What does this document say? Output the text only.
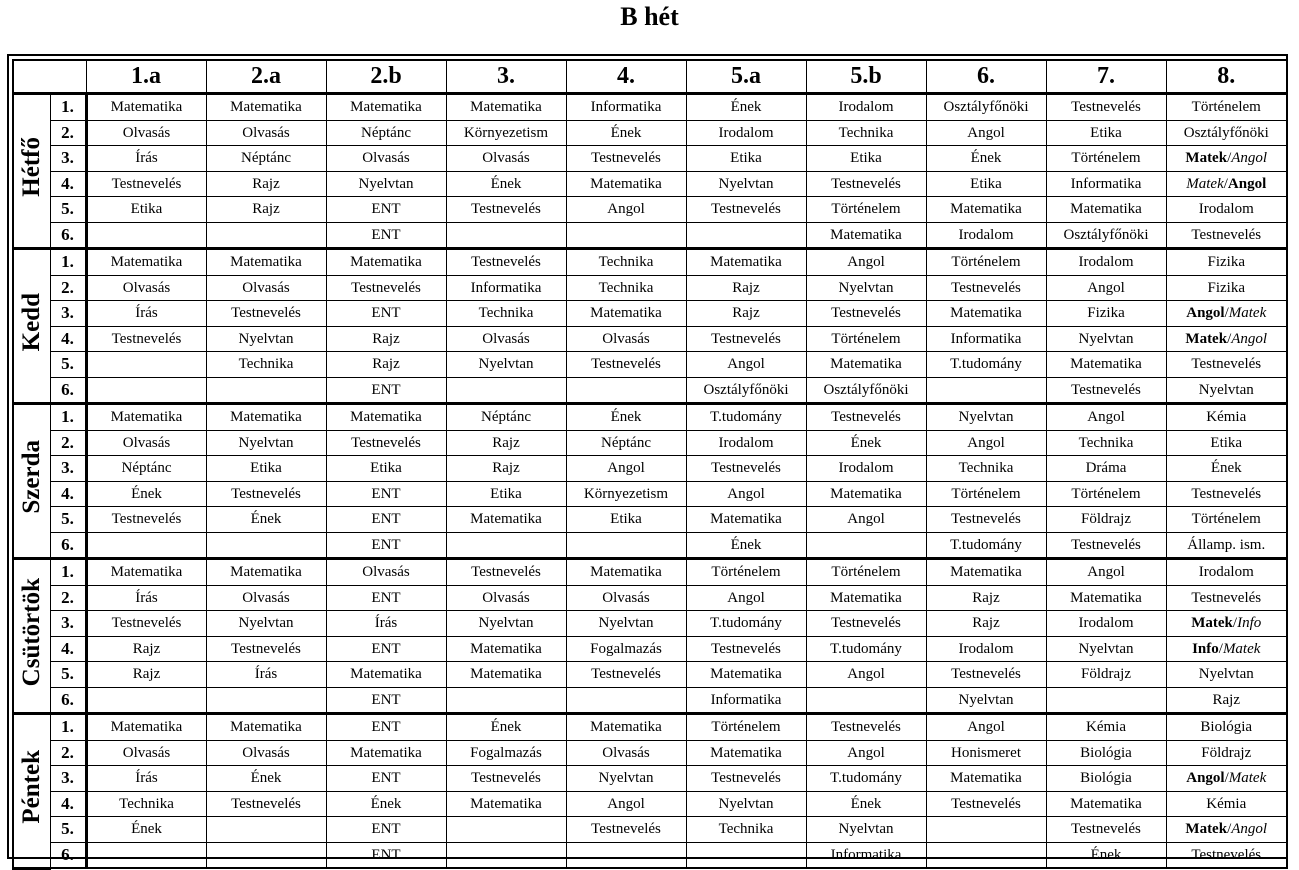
B hét
		1.a	2.a	2.b	3.	4.	5.a	5.b	6.	7.	8.
Hétfő	1.	Matematika	Matematika	Matematika	Matematika	Informatika	Ének	Irodalom	Osztályfőnöki	Testnevelés	Történelem
	2.	Olvasás	Olvasás	Néptánc	Környezetism	Ének	Irodalom	Technika	Angol	Etika	Osztályfőnöki
	3.	Írás	Néptánc	Olvasás	Olvasás	Testnevelés	Etika	Etika	Ének	Történelem	Matek/Angol
	4.	Testnevelés	Rajz	Nyelvtan	Ének	Matematika	Nyelvtan	Testnevelés	Etika	Informatika	Matek/Angol
	5.	Etika	Rajz	ENT	Testnevelés	Angol	Testnevelés	Történelem	Matematika	Matematika	Irodalom
	6.			ENT				Matematika	Irodalom	Osztályfőnöki	Testnevelés
Kedd	1.	Matematika	Matematika	Matematika	Testnevelés	Technika	Matematika	Angol	Történelem	Irodalom	Fizika
	2.	Olvasás	Olvasás	Testnevelés	Informatika	Technika	Rajz	Nyelvtan	Testnevelés	Angol	Fizika
	3.	Írás	Testnevelés	ENT	Technika	Matematika	Rajz	Testnevelés	Matematika	Fizika	Angol/Matek
	4.	Testnevelés	Nyelvtan	Rajz	Olvasás	Olvasás	Testnevelés	Történelem	Informatika	Nyelvtan	Matek/Angol
	5.		Technika	Rajz	Nyelvtan	Testnevelés	Angol	Matematika	T.tudomány	Matematika	Testnevelés
	6.			ENT			Osztályfőnöki	Osztályfőnöki		Testnevelés	Nyelvtan
Szerda	1.	Matematika	Matematika	Matematika	Néptánc	Ének	T.tudomány	Testnevelés	Nyelvtan	Angol	Kémia
	2.	Olvasás	Nyelvtan	Testnevelés	Rajz	Néptánc	Irodalom	Ének	Angol	Technika	Etika
	3.	Néptánc	Etika	Etika	Rajz	Angol	Testnevelés	Irodalom	Technika	Dráma	Ének
	4.	Ének	Testnevelés	ENT	Etika	Környezetism	Angol	Matematika	Történelem	Történelem	Testnevelés
	5.	Testnevelés	Ének	ENT	Matematika	Etika	Matematika	Angol	Testnevelés	Földrajz	Történelem
	6.			ENT			Ének		T.tudomány	Testnevelés	Államp. ism.
Csütörtök	1.	Matematika	Matematika	Olvasás	Testnevelés	Matematika	Történelem	Történelem	Matematika	Angol	Irodalom
	2.	Írás	Olvasás	ENT	Olvasás	Olvasás	Angol	Matematika	Rajz	Matematika	Testnevelés
	3.	Testnevelés	Nyelvtan	Írás	Nyelvtan	Nyelvtan	T.tudomány	Testnevelés	Rajz	Irodalom	Matek/Info
	4.	Rajz	Testnevelés	ENT	Matematika	Fogalmazás	Testnevelés	T.tudomány	Irodalom	Nyelvtan	Info/Matek
	5.	Rajz	Írás	Matematika	Matematika	Testnevelés	Matematika	Angol	Testnevelés	Földrajz	Nyelvtan
	6.			ENT			Informatika		Nyelvtan		Rajz
Péntek	1.	Matematika	Matematika	ENT	Ének	Matematika	Történelem	Testnevelés	Angol	Kémia	Biológia
	2.	Olvasás	Olvasás	Matematika	Fogalmazás	Olvasás	Matematika	Angol	Honismeret	Biológia	Földrajz
	3.	Írás	Ének	ENT	Testnevelés	Nyelvtan	Testnevelés	T.tudomány	Matematika	Biológia	Angol/Matek
	4.	Technika	Testnevelés	Ének	Matematika	Angol	Nyelvtan	Ének	Testnevelés	Matematika	Kémia
	5.	Ének		ENT		Testnevelés	Technika	Nyelvtan		Testnevelés	Matek/Angol
	6.			ENT				Informatika		Ének	Testnevelés
